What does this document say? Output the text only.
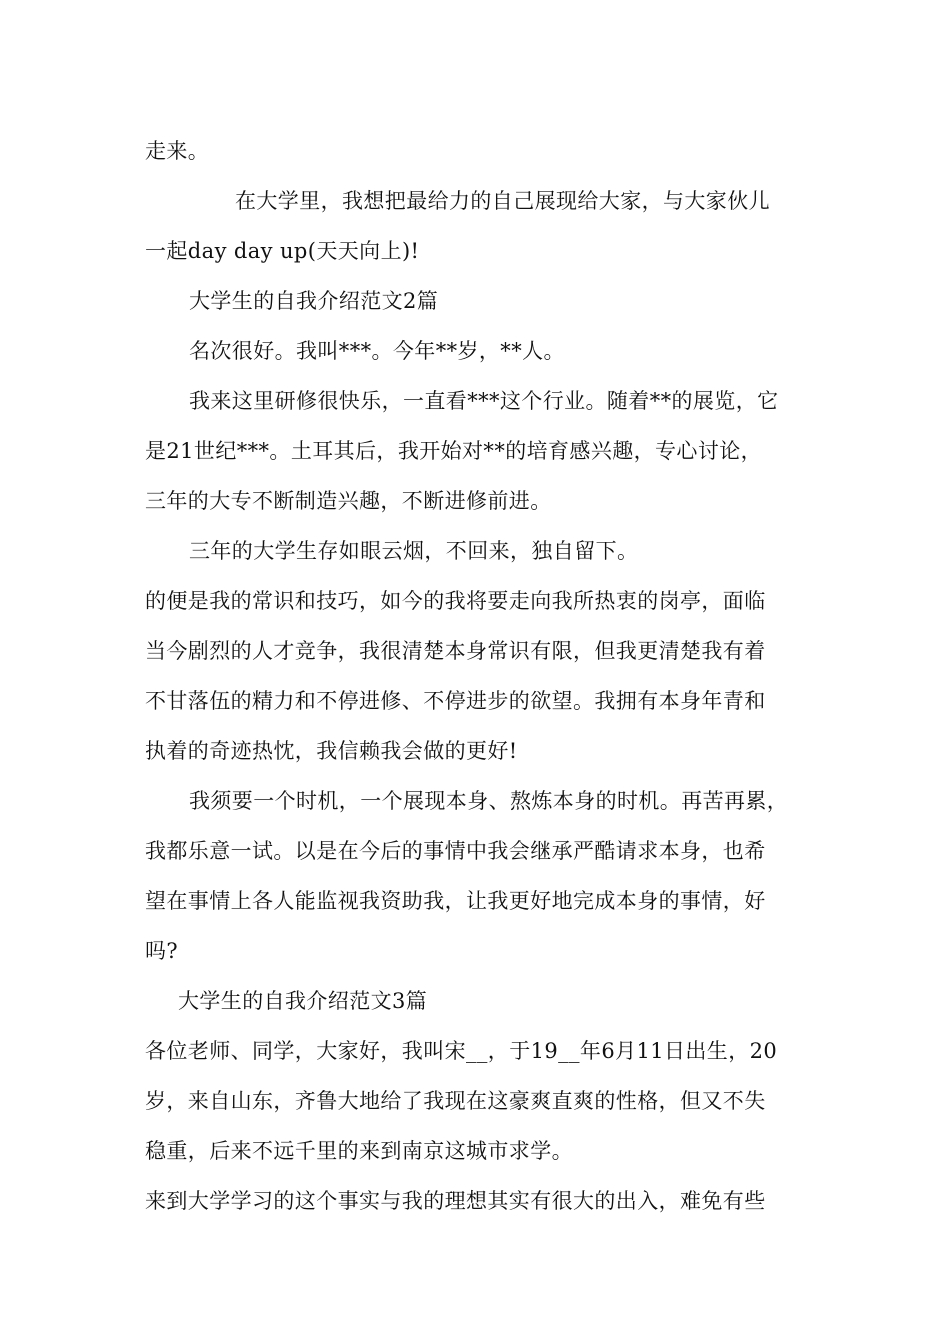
走来。
在大学里，我想把最给力的自己展现给大家，与大家伙儿
一起day day up(天天向上)!
大学生的自我介绍范文2篇
名次很好。我叫***。今年**岁，**人。
我来这里研修很快乐，一直看***这个行业。随着**的展览，它
是21世纪***。土耳其后，我开始对**的培育感兴趣，专心讨论，
三年的大专不断制造兴趣，不断进修前进。
三年的大学生存如眼云烟，不回来，独自留下。
的便是我的常识和技巧，如今的我将要走向我所热衷的岗亭，面临
当今剧烈的人才竞争，我很清楚本身常识有限，但我更清楚我有着
不甘落伍的精力和不停进修、不停进步的欲望。我拥有本身年青和
执着的奇迹热忱，我信赖我会做的更好!
我须要一个时机，一个展现本身、熬炼本身的时机。再苦再累，
我都乐意一试。以是在今后的事情中我会继承严酷请求本身，也希
望在事情上各人能监视我资助我，让我更好地完成本身的事情，好
吗?
大学生的自我介绍范文3篇
各位老师、同学，大家好，我叫宋__，于19__年6月11日出生，20
岁，来自山东，齐鲁大地给了我现在这豪爽直爽的性格，但又不失
稳重，后来不远千里的来到南京这城市求学。
来到大学学习的这个事实与我的理想其实有很大的出入，难免有些
